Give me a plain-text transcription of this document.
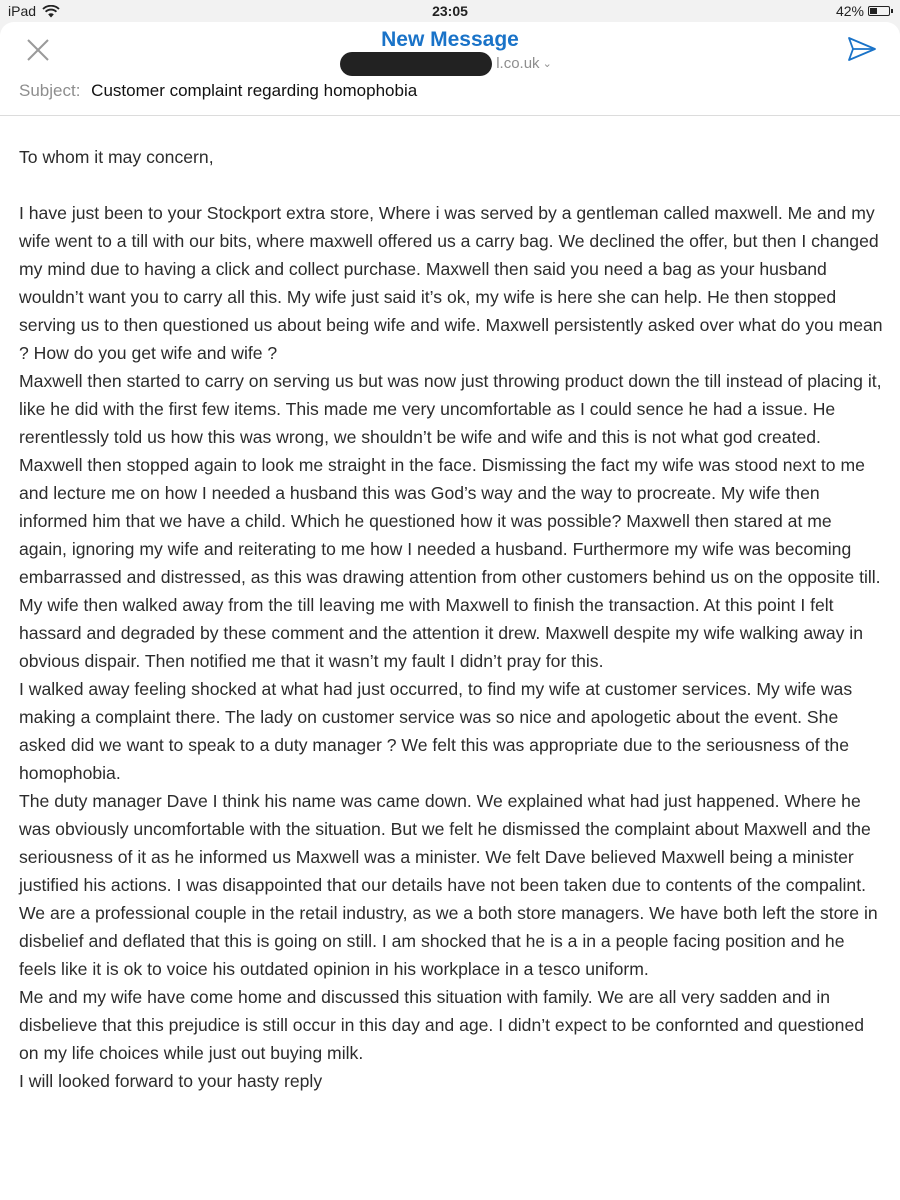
iPad	23:05	42%
New Message
l.co.uk ⌄
Subject: Customer complaint regarding homophobia

To whom it may concern,

I have just been to your Stockport extra store, Where i was served by a gentleman called maxwell. Me and my wife went to a till with our bits, where maxwell offered us a carry bag. We declined the offer, but then I changed my mind due to having a click and collect purchase. Maxwell then said you need a bag as your husband wouldn’t want you to carry all this. My wife just said it’s ok, my wife is here she can help. He then stopped serving us to then questioned us about being wife and wife. Maxwell persistently asked over what do you mean ? How do you get wife and wife ?

Maxwell then started to carry on serving us but was now just throwing product down the till instead of placing it, like he did with the first few items. This made me very uncomfortable as I could sence he had a issue. He rerentlessly told us how this was wrong, we shouldn’t be wife and wife and this is not what god created.

Maxwell then stopped again to look me straight in the face. Dismissing the fact my wife was stood next to me and lecture me on how I needed a husband this was God’s way and the way to procreate. My wife then informed him that we have a child. Which he questioned how it was possible? Maxwell then stared at me again, ignoring my wife and reiterating to me how I needed a husband. Furthermore my wife was becoming embarrassed and distressed, as this was drawing attention from other customers behind us on the opposite till.

My wife then walked away from the till leaving me with Maxwell to finish the transaction. At this point I felt hassard and degraded by these comment and the attention it drew. Maxwell despite my wife walking away in obvious dispair. Then notified me that it wasn’t my fault I didn’t pray for this.

I walked away feeling shocked at what had just occurred, to find my wife at customer services. My wife was making a complaint there. The lady on customer service was so nice and apologetic about the event. She asked did we want to speak to a duty manager ? We felt this was appropriate due to the seriousness of the homophobia.

The duty manager Dave I think his name was came down. We explained what had just happened. Where he was obviously uncomfortable with the situation. But we felt he dismissed the complaint about Maxwell and the seriousness of it as he informed us Maxwell was a minister. We felt Dave believed Maxwell being a minister justified his actions. I was disappointed that our details have not been taken due to contents of the compalint.

We are a professional couple in the retail industry, as we a both store managers. We have both left the store in disbelief and deflated that this is going on still. I am shocked that he is a in a people facing position and he feels like it is ok to voice his outdated opinion in his workplace in a tesco uniform.

Me and my wife have come home and discussed this situation with family. We are all very sadden and in disbelieve that this prejudice is still occur in this day and age. I didn’t expect to be confornted and questioned on my life choices while just out buying milk.

I will looked forward to your hasty reply
